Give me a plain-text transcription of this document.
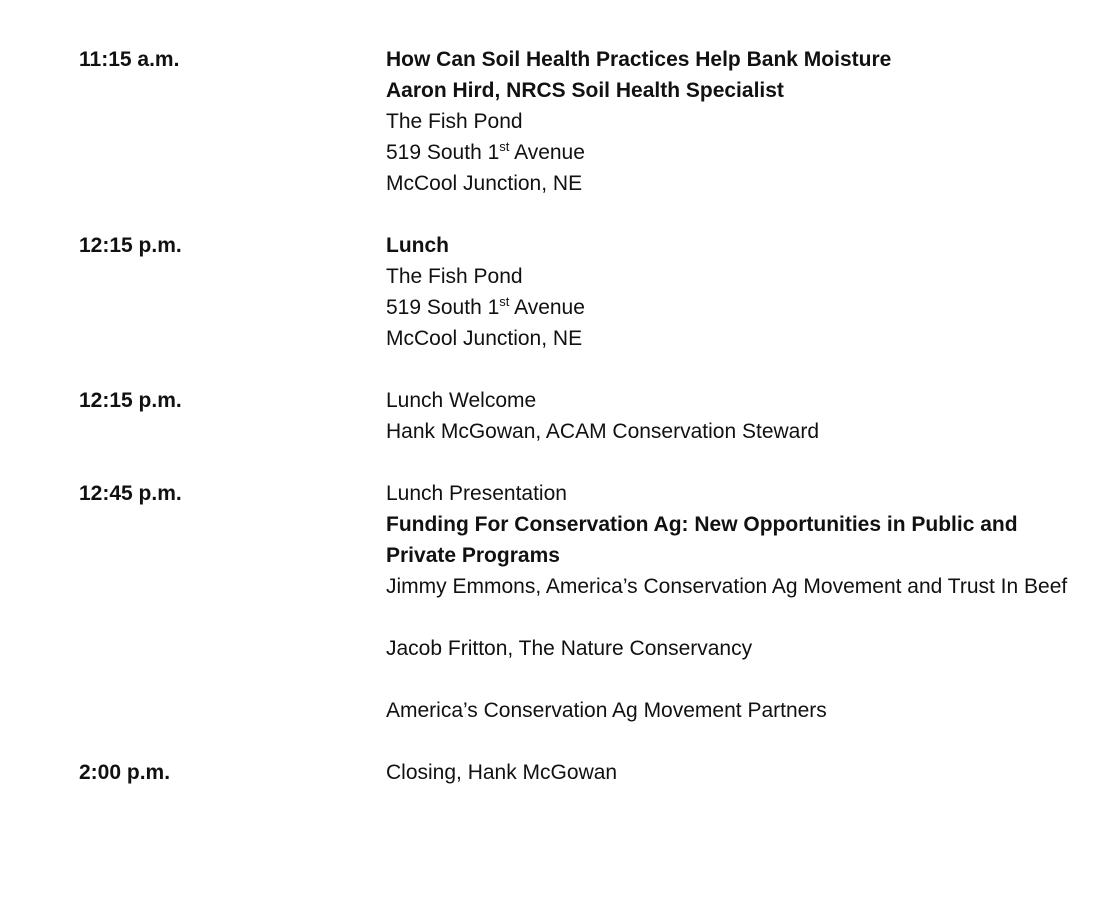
11:15 a.m.	How Can Soil Health Practices Help Bank Moisture
Aaron Hird, NRCS Soil Health Specialist
The Fish Pond
519 South 1st Avenue
McCool Junction, NE
12:15 p.m.	Lunch
The Fish Pond
519 South 1st Avenue
McCool Junction, NE
12:15 p.m.	Lunch Welcome
Hank McGowan, ACAM Conservation Steward
12:45 p.m.	Lunch Presentation
Funding For Conservation Ag: New Opportunities in Public and Private Programs
Jimmy Emmons, America’s Conservation Ag Movement and Trust In Beef
Jacob Fritton, The Nature Conservancy
America’s Conservation Ag Movement Partners
2:00 p.m.	Closing, Hank McGowan
